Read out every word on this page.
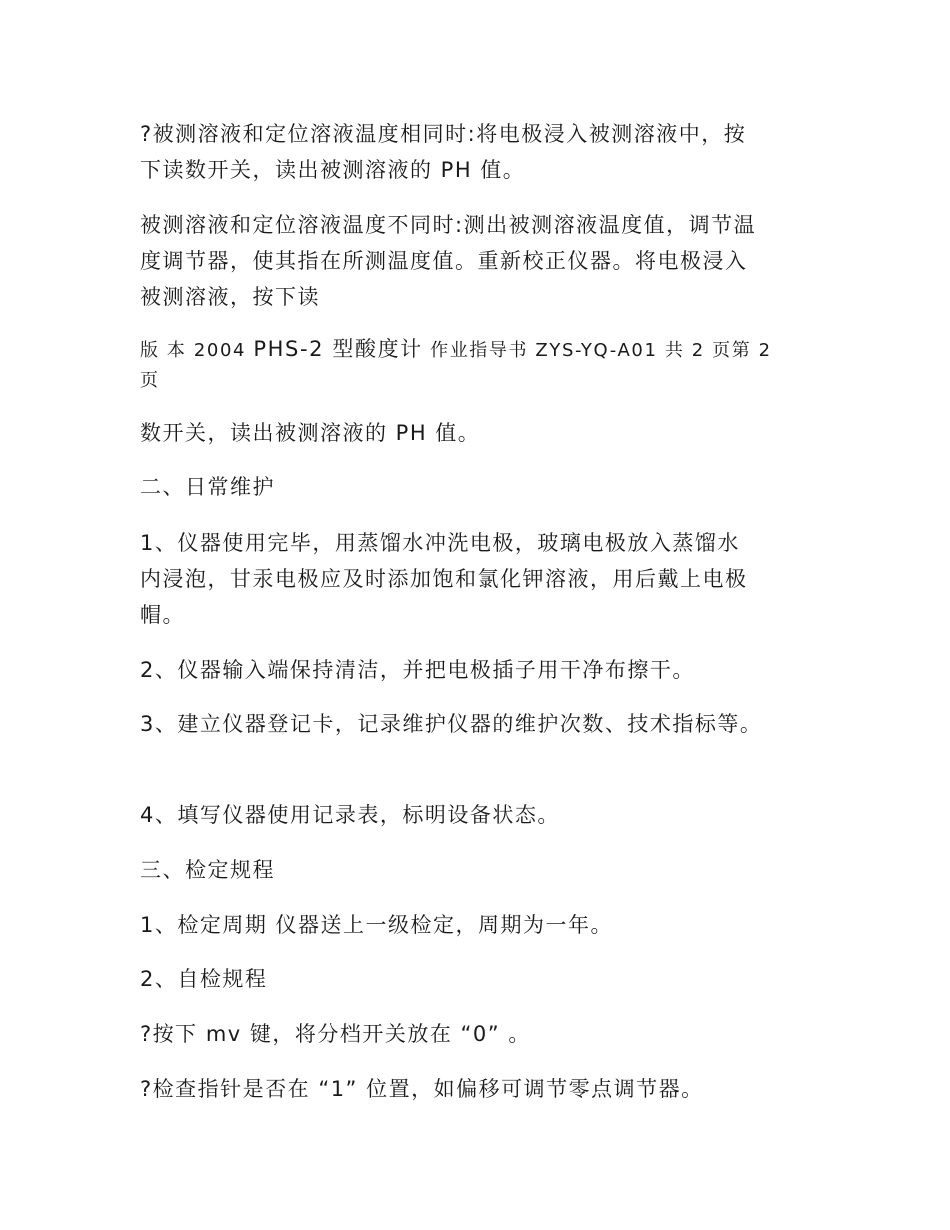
?被测溶液和定位溶液温度相同时:将电极浸入被测溶液中，按

下读数开关，读出被测溶液的 PH 值。

被测溶液和定位溶液温度不同时:测出被测溶液温度值，调节温

度调节器，使其指在所测温度值。重新校正仪器。将电极浸入

被测溶液，按下读

版 本 2004 PHS-2 型酸度计 作业指导书 ZYS-YQ-A01 共 2 页第 2

页

数开关，读出被测溶液的 PH 值。

二、日常维护

1、仪器使用完毕，用蒸馏水冲洗电极，玻璃电极放入蒸馏水

内浸泡，甘汞电极应及时添加饱和氯化钾溶液，用后戴上电极

帽。

2、仪器输入端保持清洁，并把电极插子用干净布擦干。

3、建立仪器登记卡，记录维护仪器的维护次数、技术指标等。

4、填写仪器使用记录表，标明设备状态。

三、检定规程

1、检定周期 仪器送上一级检定，周期为一年。

2、自检规程

?按下 mv 键，将分档开关放在 “0” 。

?检查指针是否在 “1” 位置，如偏移可调节零点调节器。
